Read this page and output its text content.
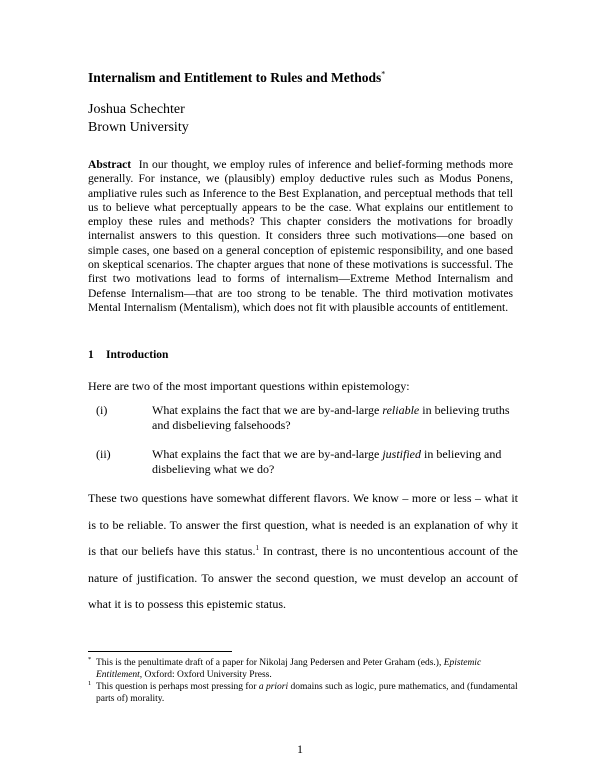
Internalism and Entitlement to Rules and Methods*
Joshua Schechter
Brown University
Abstract In our thought, we employ rules of inference and belief-forming methods more generally. For instance, we (plausibly) employ deductive rules such as Modus Ponens, ampliative rules such as Inference to the Best Explanation, and perceptual methods that tell us to believe what perceptually appears to be the case. What explains our entitlement to employ these rules and methods? This chapter considers the motivations for broadly internalist answers to this question. It considers three such motivations—one based on simple cases, one based on a general conception of epistemic responsibility, and one based on skeptical scenarios. The chapter argues that none of these motivations is successful. The first two motivations lead to forms of internalism—Extreme Method Internalism and Defense Internalism—that are too strong to be tenable. The third motivation motivates Mental Internalism (Mentalism), which does not fit with plausible accounts of entitlement.
1 Introduction
Here are two of the most important questions within epistemology:
(i)	What explains the fact that we are by-and-large reliable in believing truths and disbelieving falsehoods?
(ii)	What explains the fact that we are by-and-large justified in believing and disbelieving what we do?
These two questions have somewhat different flavors. We know – more or less – what it is to be reliable. To answer the first question, what is needed is an explanation of why it is that our beliefs have this status.$^1$ In contrast, there is no uncontentious account of the nature of justification. To answer the second question, we must develop an account of what it is to possess this epistemic status.
* This is the penultimate draft of a paper for Nikolaj Jang Pedersen and Peter Graham (eds.), Epistemic Entitlement, Oxford: Oxford University Press.
1 This question is perhaps most pressing for a priori domains such as logic, pure mathematics, and (fundamental parts of) morality.
1
